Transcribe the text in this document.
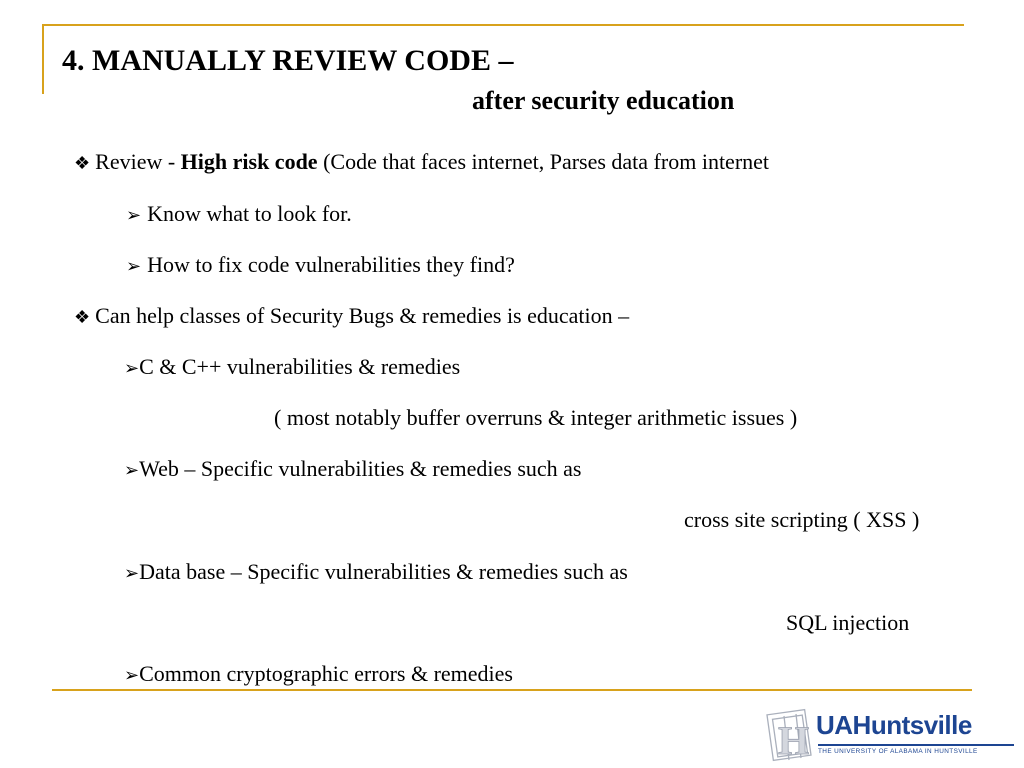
4. MANUALLY REVIEW CODE –
after security education
❖ Review - High risk code (Code that faces internet, Parses data from internet
➢ Know what to look for.
➢ How to fix code vulnerabilities they find?
❖ Can help classes of Security Bugs & remedies is education –
➢C & C++ vulnerabilities & remedies
( most notably buffer overruns & integer arithmetic issues )
➢Web – Specific vulnerabilities & remedies such as
cross site scripting ( XSS )
➢Data base – Specific vulnerabilities & remedies such as
SQL injection
➢Common cryptographic errors & remedies
H UAHuntsville
THE UNIVERSITY OF ALABAMA IN HUNTSVILLE
